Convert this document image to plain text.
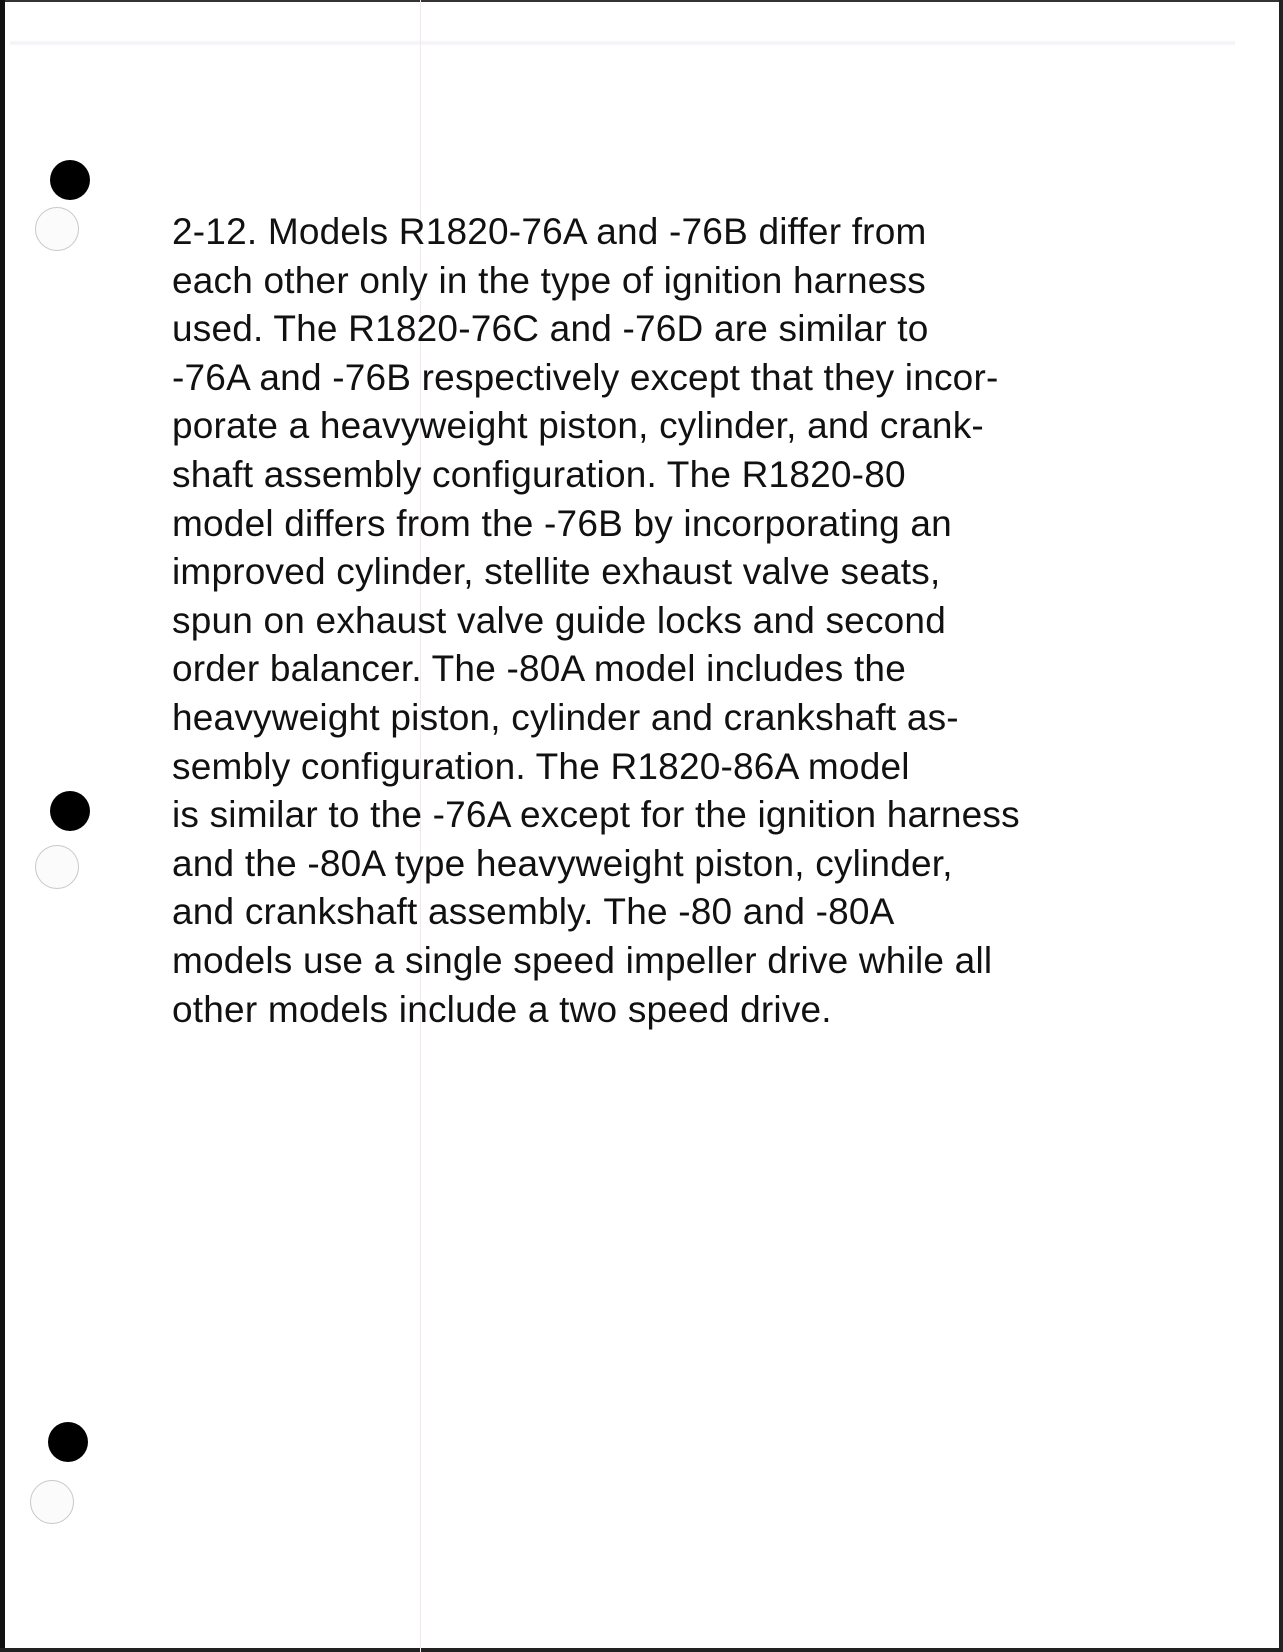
2-12. Models R1820-76A and -76B differ from
each other only in the type of ignition harness
used. The R1820-76C and -76D are similar to
-76A and -76B respectively except that they incor-
porate a heavyweight piston, cylinder, and crank-
shaft assembly configuration. The R1820-80
model differs from the -76B by incorporating an
improved cylinder, stellite exhaust valve seats,
spun on exhaust valve guide locks and second
order balancer. The -80A model includes the
heavyweight piston, cylinder and crankshaft as-
sembly configuration. The R1820-86A model
is similar to the -76A except for the ignition harness
and the -80A type heavyweight piston, cylinder,
and crankshaft assembly. The -80 and -80A
models use a single speed impeller drive while all
other models include a two speed drive.
